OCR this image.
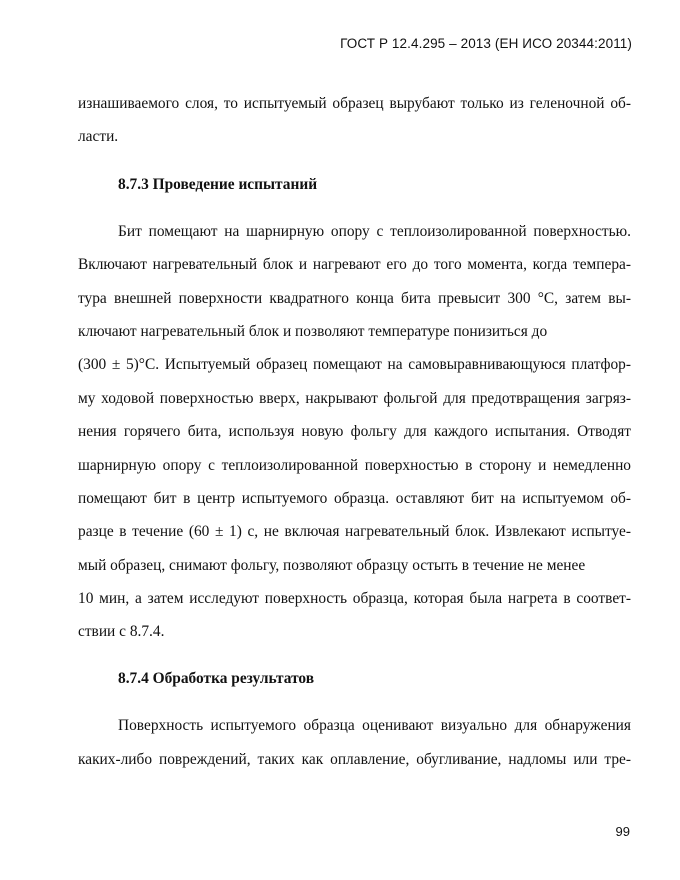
ГОСТ Р 12.4.295 – 2013 (ЕН ИСО 20344:2011)
изнашиваемого слоя, то испытуемый образец вырубают только из геленочной об-
ласти.
8.7.3 Проведение испытаний
Бит помещают на шарнирную опору с теплоизолированной поверхностью.
Включают нагревательный блок и нагревают его до того момента, когда темпера-
тура внешней поверхности квадратного конца бита превысит 300 °С, затем вы-
ключают нагревательный блок и позволяют температуре понизиться до
(300 ± 5)°С. Испытуемый образец помещают на самовыравнивающуюся платфор-
му ходовой поверхностью вверх, накрывают фольгой для предотвращения загряз-
нения горячего бита, используя новую фольгу для каждого испытания. Отводят
шарнирную опору с теплоизолированной поверхностью в сторону и немедленно
помещают бит в центр испытуемого образца. оставляют бит на испытуемом об-
разце в течение (60 ± 1) с, не включая нагревательный блок. Извлекают испытуе-
мый образец, снимают фольгу, позволяют образцу остыть в течение не менее
10 мин, а затем исследуют поверхность образца, которая была нагрета в соответ-
ствии с 8.7.4.
8.7.4 Обработка результатов
Поверхность испытуемого образца оценивают визуально для обнаружения
каких-либо повреждений, таких как оплавление, обугливание, надломы или тре-
99
